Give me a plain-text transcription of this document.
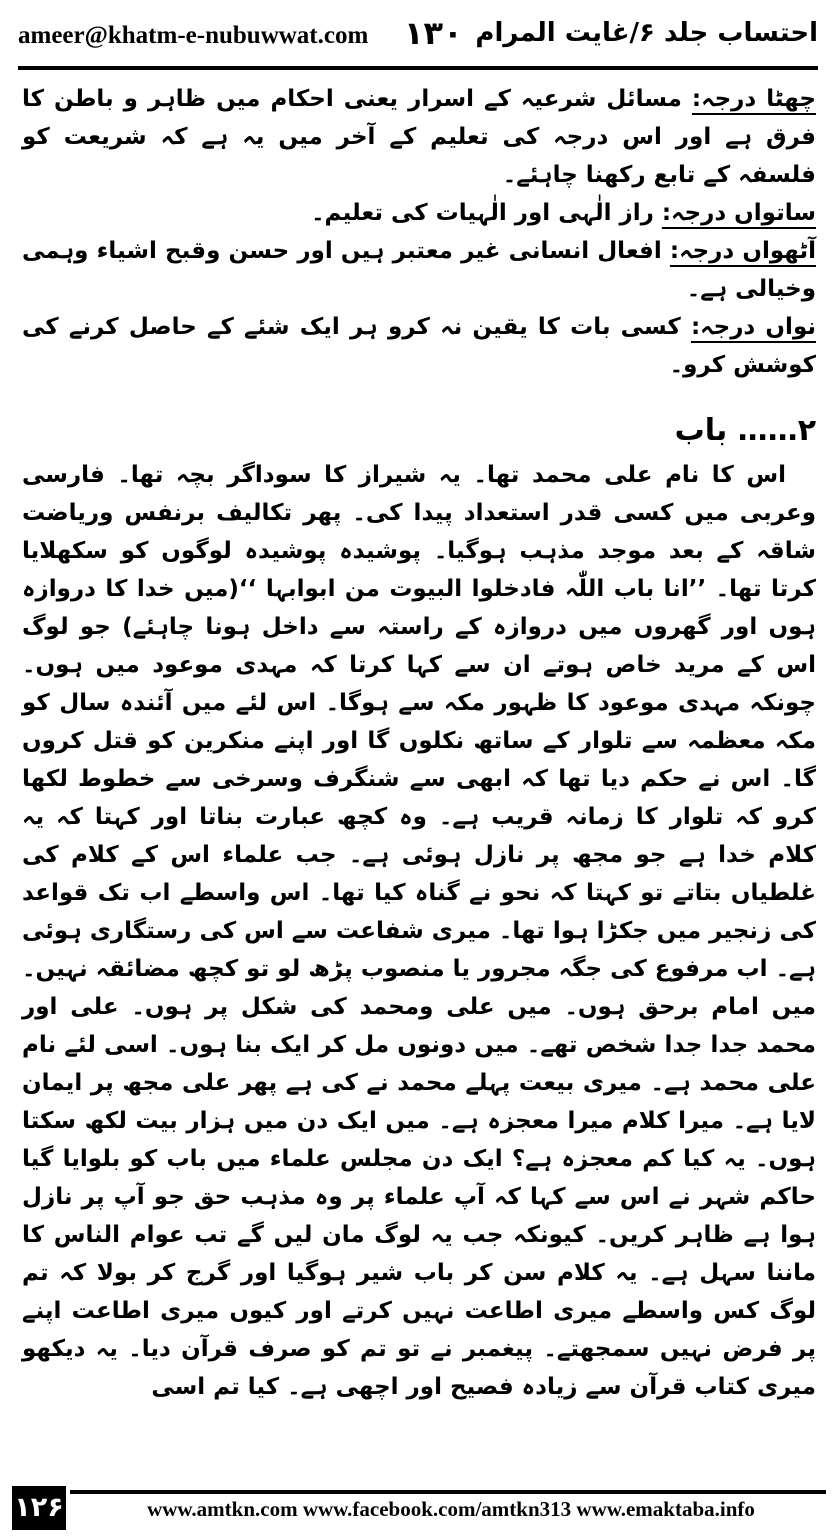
ameer@khatm-e-nubuwwat.com ۱۳۰ احتساب جلد ۶/غایت المرام

چھٹا درجہ: مسائل شرعیہ کے اسرار یعنی احکام میں ظاہر و باطن کا فرق ہے اور اس درجہ کی تعلیم کے آخر میں یہ ہے کہ شریعت کو فلسفہ کے تابع رکھنا چاہئے۔

ساتواں درجہ: راز الٰہی اور الٰہیات کی تعلیم۔

آٹھواں درجہ: افعال انسانی غیر معتبر ہیں اور حسن وقبح اشیاء وہمی وخیالی ہے۔

نواں درجہ: کسی بات کا یقین نہ کرو ہر ایک شئے کے حاصل کرنے کی کوشش کرو۔

۲…… باب

اس کا نام علی محمد تھا۔ یہ شیراز کا سوداگر بچہ تھا۔ فارسی وعربی میں کسی قدر استعداد پیدا کی۔ پھر تکالیف برنفس وریاضت شاقہ کے بعد موجد مذہب ہوگیا۔ پوشیدہ پوشیدہ لوگوں کو سکھلایا کرتا تھا۔ ’’انا باب اللّٰہ فادخلوا البیوت من ابوابہا ‘‘(میں خدا کا دروازہ ہوں اور گھروں میں دروازہ کے راستہ سے داخل ہونا چاہئے) جو لوگ اس کے مرید خاص ہوتے ان سے کہا کرتا کہ مہدی موعود میں ہوں۔ چونکہ مہدی موعود کا ظہور مکہ سے ہوگا۔ اس لئے میں آئندہ سال کو مکہ معظمہ سے تلوار کے ساتھ نکلوں گا اور اپنے منکرین کو قتل کروں گا۔ اس نے حکم دیا تھا کہ ابھی سے شنگرف وسرخی سے خطوط لکھا کرو کہ تلوار کا زمانہ قریب ہے۔ وہ کچھ عبارت بناتا اور کہتا کہ یہ کلام خدا ہے جو مجھ پر نازل ہوئی ہے۔ جب علماء اس کے کلام کی غلطیاں بتاتے تو کہتا کہ نحو نے گناہ کیا تھا۔ اس واسطے اب تک قواعد کی زنجیر میں جکڑا ہوا تھا۔ میری شفاعت سے اس کی رستگاری ہوئی ہے۔ اب مرفوع کی جگہ مجرور یا منصوب پڑھ لو تو کچھ مضائقہ نہیں۔ میں امام برحق ہوں۔ میں علی ومحمد کی شکل پر ہوں۔ علی اور محمد جدا جدا شخص تھے۔ میں دونوں مل کر ایک بنا ہوں۔ اسی لئے نام علی محمد ہے۔ میری بیعت پہلے محمد نے کی ہے پھر علی مجھ پر ایمان لایا ہے۔ میرا کلام میرا معجزہ ہے۔ میں ایک دن میں ہزار بیت لکھ سکتا ہوں۔ یہ کیا کم معجزہ ہے؟ ایک دن مجلس علماء میں باب کو بلوایا گیا حاکم شہر نے اس سے کہا کہ آپ علماء پر وہ مذہب حق جو آپ پر نازل ہوا ہے ظاہر کریں۔ کیونکہ جب یہ لوگ مان لیں گے تب عوام الناس کا ماننا سہل ہے۔ یہ کلام سن کر باب شیر ہوگیا اور گرج کر بولا کہ تم لوگ کس واسطے میری اطاعت نہیں کرتے اور کیوں میری اطاعت اپنے پر فرض نہیں سمجھتے۔ پیغمبر نے تو تم کو صرف قرآن دیا۔ یہ دیکھو میری کتاب قرآن سے زیادہ فصیح اور اچھی ہے۔ کیا تم اسی

۱۲۶	www.amtkn.com www.facebook.com/amtkn313 www.emaktaba.info
